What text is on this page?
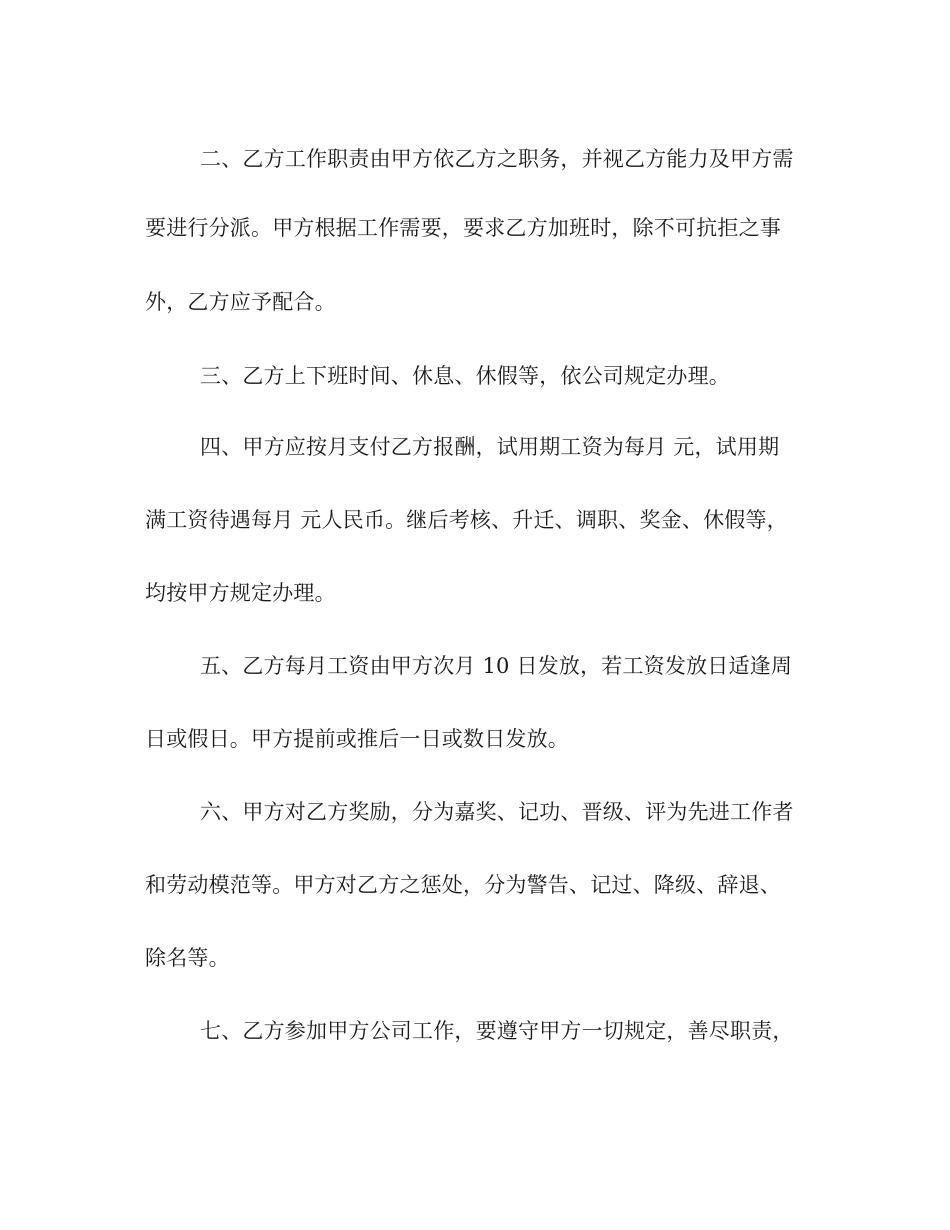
二、乙方工作职责由甲方依乙方之职务，并视乙方能力及甲方需
要进行分派。甲方根据工作需要，要求乙方加班时，除不可抗拒之事
外，乙方应予配合。
三、乙方上下班时间、休息、休假等，依公司规定办理。
四、甲方应按月支付乙方报酬，试用期工资为每月 元，试用期
满工资待遇每月 元人民币。继后考核、升迁、调职、奖金、休假等，
均按甲方规定办理。
五、乙方每月工资由甲方次月 10 日发放，若工资发放日适逢周
日或假日。甲方提前或推后一日或数日发放。
六、甲方对乙方奖励，分为嘉奖、记功、晋级、评为先进工作者
和劳动模范等。甲方对乙方之惩处，分为警告、记过、降级、辞退、
除名等。
七、乙方参加甲方公司工作，要遵守甲方一切规定，善尽职责，
